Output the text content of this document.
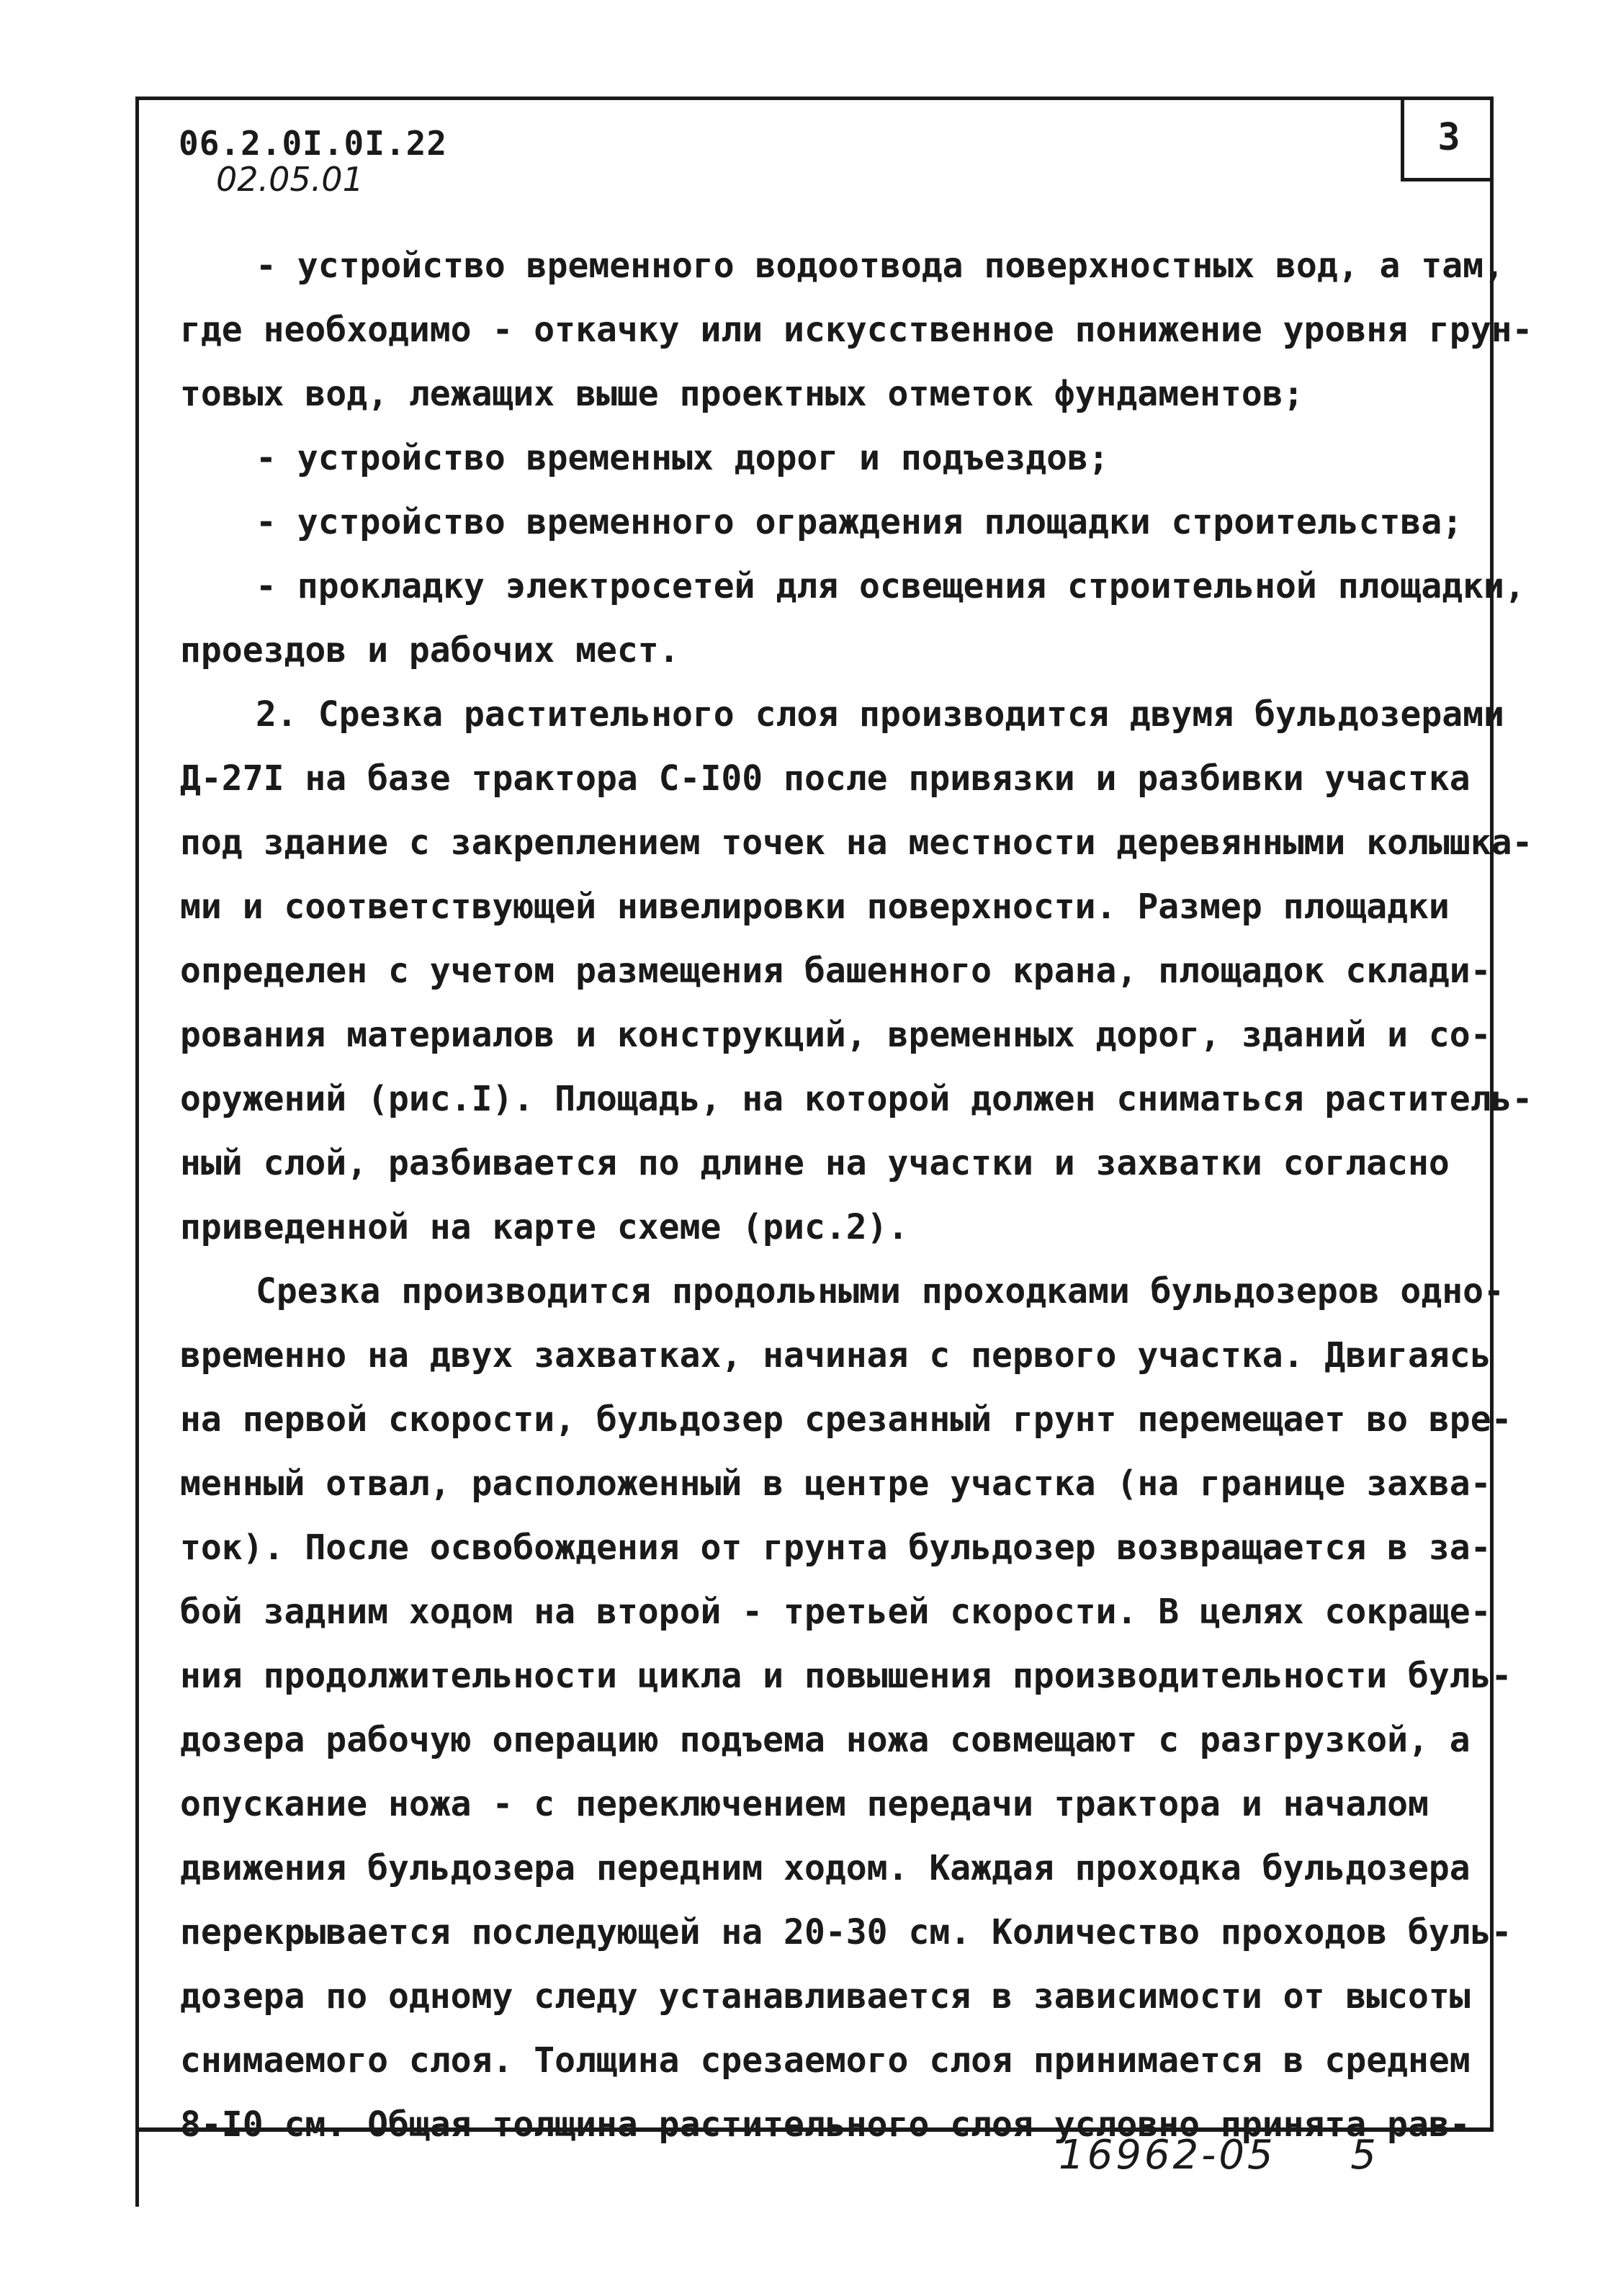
3
06.2.0I.0I.22
02.05.01
- устройство временного водоотвода поверхностных вод, а там,
где необходимо - откачку или искусственное понижение уровня грун-
товых вод, лежащих выше проектных отметок фундаментов;
- устройство временных дорог и подъездов;
- устройство временного ограждения площадки строительства;
- прокладку электросетей для освещения строительной площадки,
проездов и рабочих мест.
2. Срезка растительного слоя производится двумя бульдозерами
Д-27I на базе трактора С-I00 после привязки и разбивки участка
под здание с закреплением точек на местности деревянными колышка-
ми и соответствующей нивелировки поверхности. Размер площадки
определен с учетом размещения башенного крана, площадок склади-
рования материалов и конструкций, временных дорог, зданий и со-
оружений (рис.I). Площадь, на которой должен сниматься раститель-
ный слой, разбивается по длине на участки и захватки согласно
приведенной на карте схеме (рис.2).
Срезка производится продольными проходками бульдозеров одно-
временно на двух захватках, начиная с первого участка. Двигаясь
на первой скорости, бульдозер срезанный грунт перемещает во вре-
менный отвал, расположенный в центре участка (на границе захва-
ток). После освобождения от грунта бульдозер возвращается в за-
бой задним ходом на второй - третьей скорости. В целях сокраще-
ния продолжительности цикла и повышения производительности буль-
дозера рабочую операцию подъема ножа совмещают с разгрузкой, а
опускание ножа - с переключением передачи трактора и началом
движения бульдозера передним ходом. Каждая проходка бульдозера
перекрывается последующей на 20-30 см. Количество проходов буль-
дозера по одному следу устанавливается в зависимости от высоты
снимаемого слоя. Толщина срезаемого слоя принимается в среднем
8-I0 см. Общая толщина растительного слоя условно принята рав-
16962-05 5
